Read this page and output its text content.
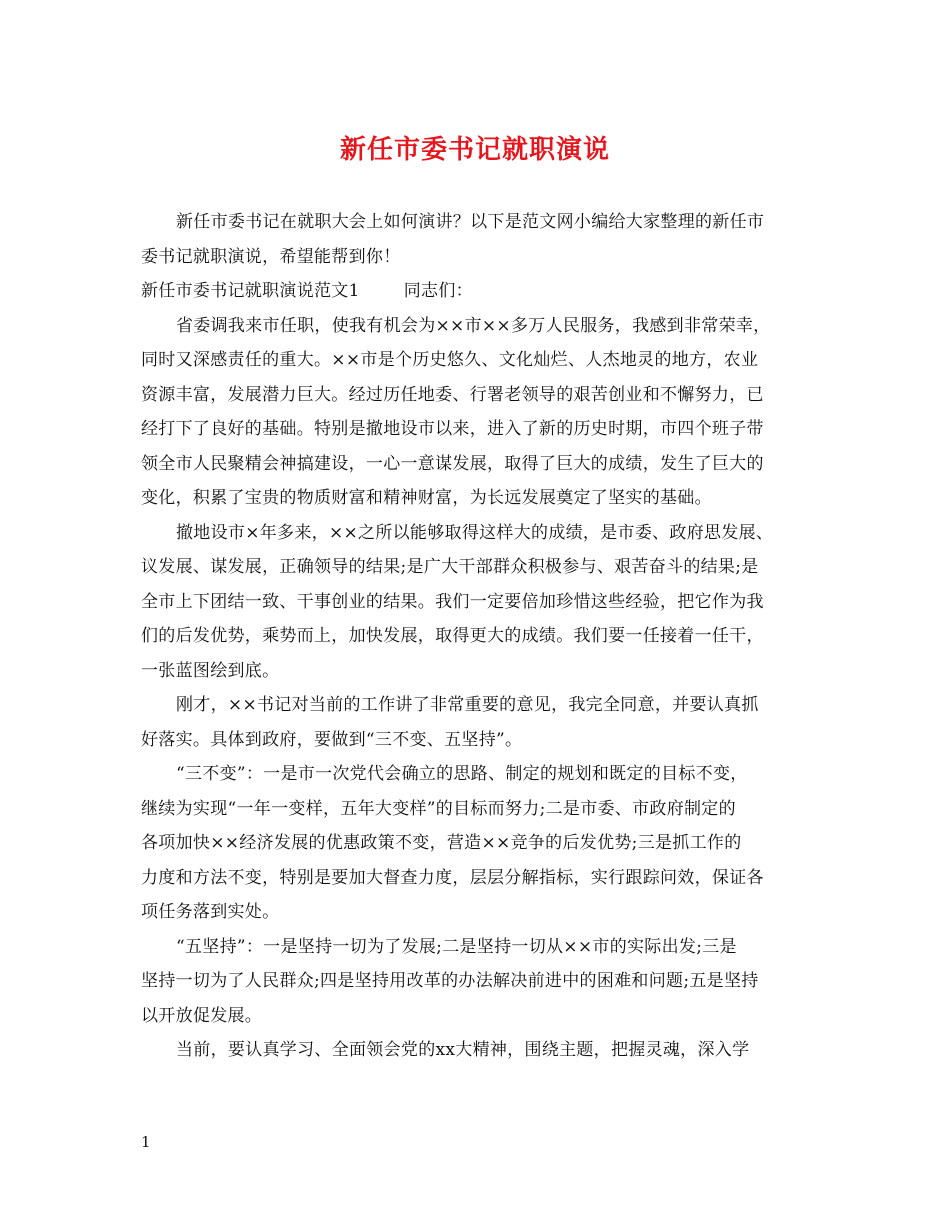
新任市委书记就职演说
新任市委书记在就职大会上如何演讲？以下是范文网小编给大家整理的新任市
委书记就职演说，希望能帮到你！
新任市委书记就职演说范文1	同志们：
省委调我来市任职，使我有机会为××市××多万人民服务，我感到非常荣幸，
同时又深感责任的重大。××市是个历史悠久、文化灿烂、人杰地灵的地方，农业
资源丰富，发展潜力巨大。经过历任地委、行署老领导的艰苦创业和不懈努力，已
经打下了良好的基础。特别是撤地设市以来，进入了新的历史时期，市四个班子带
领全市人民聚精会神搞建设，一心一意谋发展，取得了巨大的成绩，发生了巨大的
变化，积累了宝贵的物质财富和精神财富，为长远发展奠定了坚实的基础。
撤地设市×年多来，××之所以能够取得这样大的成绩，是市委、政府思发展、
议发展、谋发展，正确领导的结果;是广大干部群众积极参与、艰苦奋斗的结果;是
全市上下团结一致、干事创业的结果。我们一定要倍加珍惜这些经验，把它作为我
们的后发优势，乘势而上，加快发展，取得更大的成绩。我们要一任接着一任干，
一张蓝图绘到底。
刚才，××书记对当前的工作讲了非常重要的意见，我完全同意，并要认真抓
好落实。具体到政府，要做到“三不变、五坚持”。
“三不变”：一是市一次党代会确立的思路、制定的规划和既定的目标不变，
继续为实现“一年一变样，五年大变样”的目标而努力;二是市委、市政府制定的
各项加快××经济发展的优惠政策不变，营造××竞争的后发优势;三是抓工作的
力度和方法不变，特别是要加大督查力度，层层分解指标，实行跟踪问效，保证各
项任务落到实处。
“五坚持”：一是坚持一切为了发展;二是坚持一切从××市的实际出发;三是
坚持一切为了人民群众;四是坚持用改革的办法解决前进中的困难和问题;五是坚持
以开放促发展。
当前，要认真学习、全面领会党的xx大精神，围绕主题，把握灵魂，深入学
1
